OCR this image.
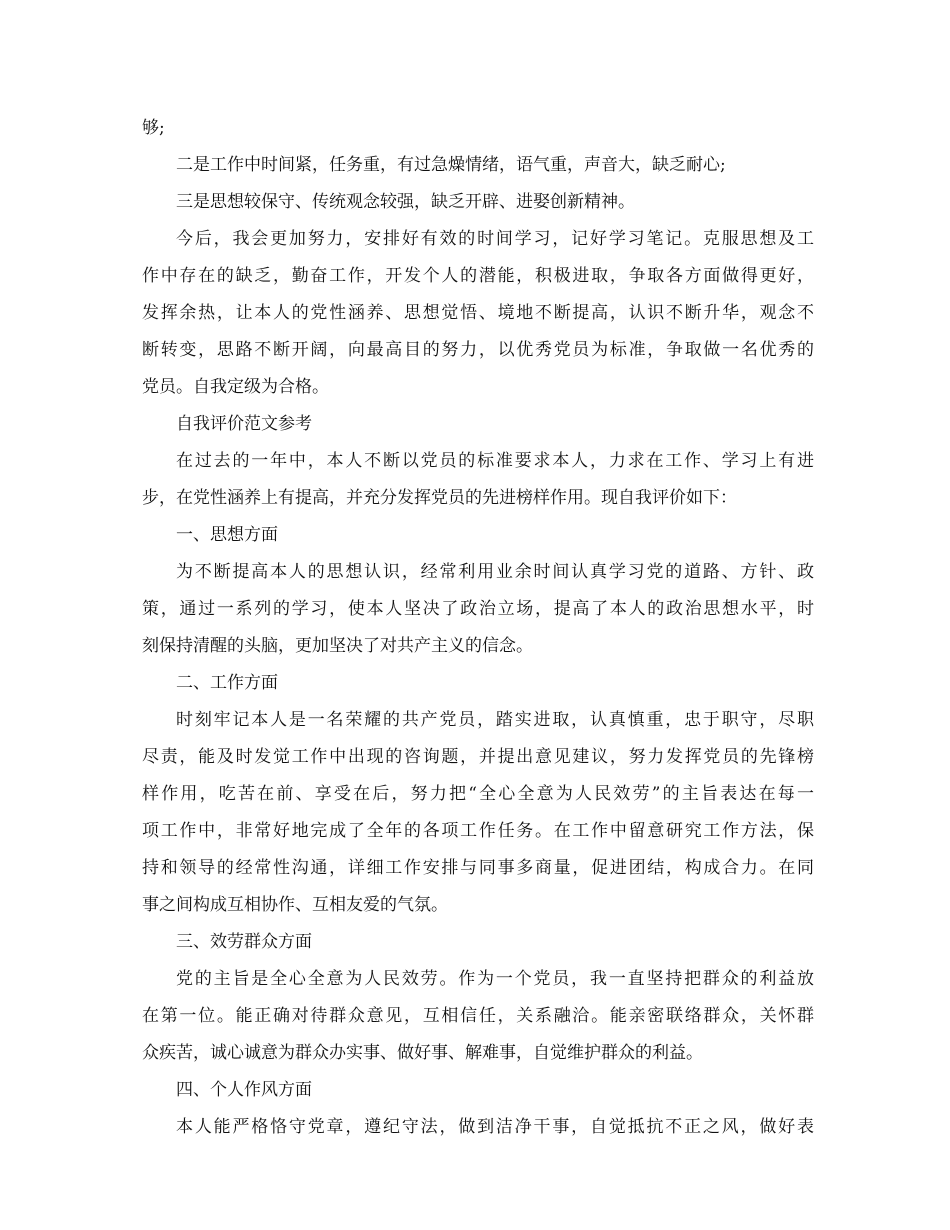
够;
二是工作中时间紧，任务重，有过急燥情绪，语气重，声音大，缺乏耐心;
三是思想较保守、传统观念较强，缺乏开辟、进娶创新精神。
今后，我会更加努力，安排好有效的时间学习，记好学习笔记。克服思想及工
作中存在的缺乏，勤奋工作，开发个人的潜能，积极进取，争取各方面做得更好，
发挥余热，让本人的党性涵养、思想觉悟、境地不断提高，认识不断升华，观念不
断转变，思路不断开阔，向最高目的努力，以优秀党员为标准，争取做一名优秀的
党员。自我定级为合格。
自我评价范文参考
在过去的一年中，本人不断以党员的标准要求本人，力求在工作、学习上有进
步，在党性涵养上有提高，并充分发挥党员的先进榜样作用。现自我评价如下：
一、思想方面
为不断提高本人的思想认识，经常利用业余时间认真学习党的道路、方针、政
策，通过一系列的学习，使本人坚决了政治立场，提高了本人的政治思想水平，时
刻保持清醒的头脑，更加坚决了对共产主义的信念。
二、工作方面
时刻牢记本人是一名荣耀的共产党员，踏实进取，认真慎重，忠于职守，尽职
尽责，能及时发觉工作中出现的咨询题，并提出意见建议，努力发挥党员的先锋榜
样作用，吃苦在前、享受在后，努力把“全心全意为人民效劳”的主旨表达在每一
项工作中，非常好地完成了全年的各项工作任务。在工作中留意研究工作方法，保
持和领导的经常性沟通，详细工作安排与同事多商量，促进团结，构成合力。在同
事之间构成互相协作、互相友爱的气氛。
三、效劳群众方面
党的主旨是全心全意为人民效劳。作为一个党员，我一直坚持把群众的利益放
在第一位。能正确对待群众意见，互相信任，关系融洽。能亲密联络群众，关怀群
众疾苦，诚心诚意为群众办实事、做好事、解难事，自觉维护群众的利益。
四、个人作风方面
本人能严格恪守党章，遵纪守法，做到洁净干事，自觉抵抗不正之风，做好表
